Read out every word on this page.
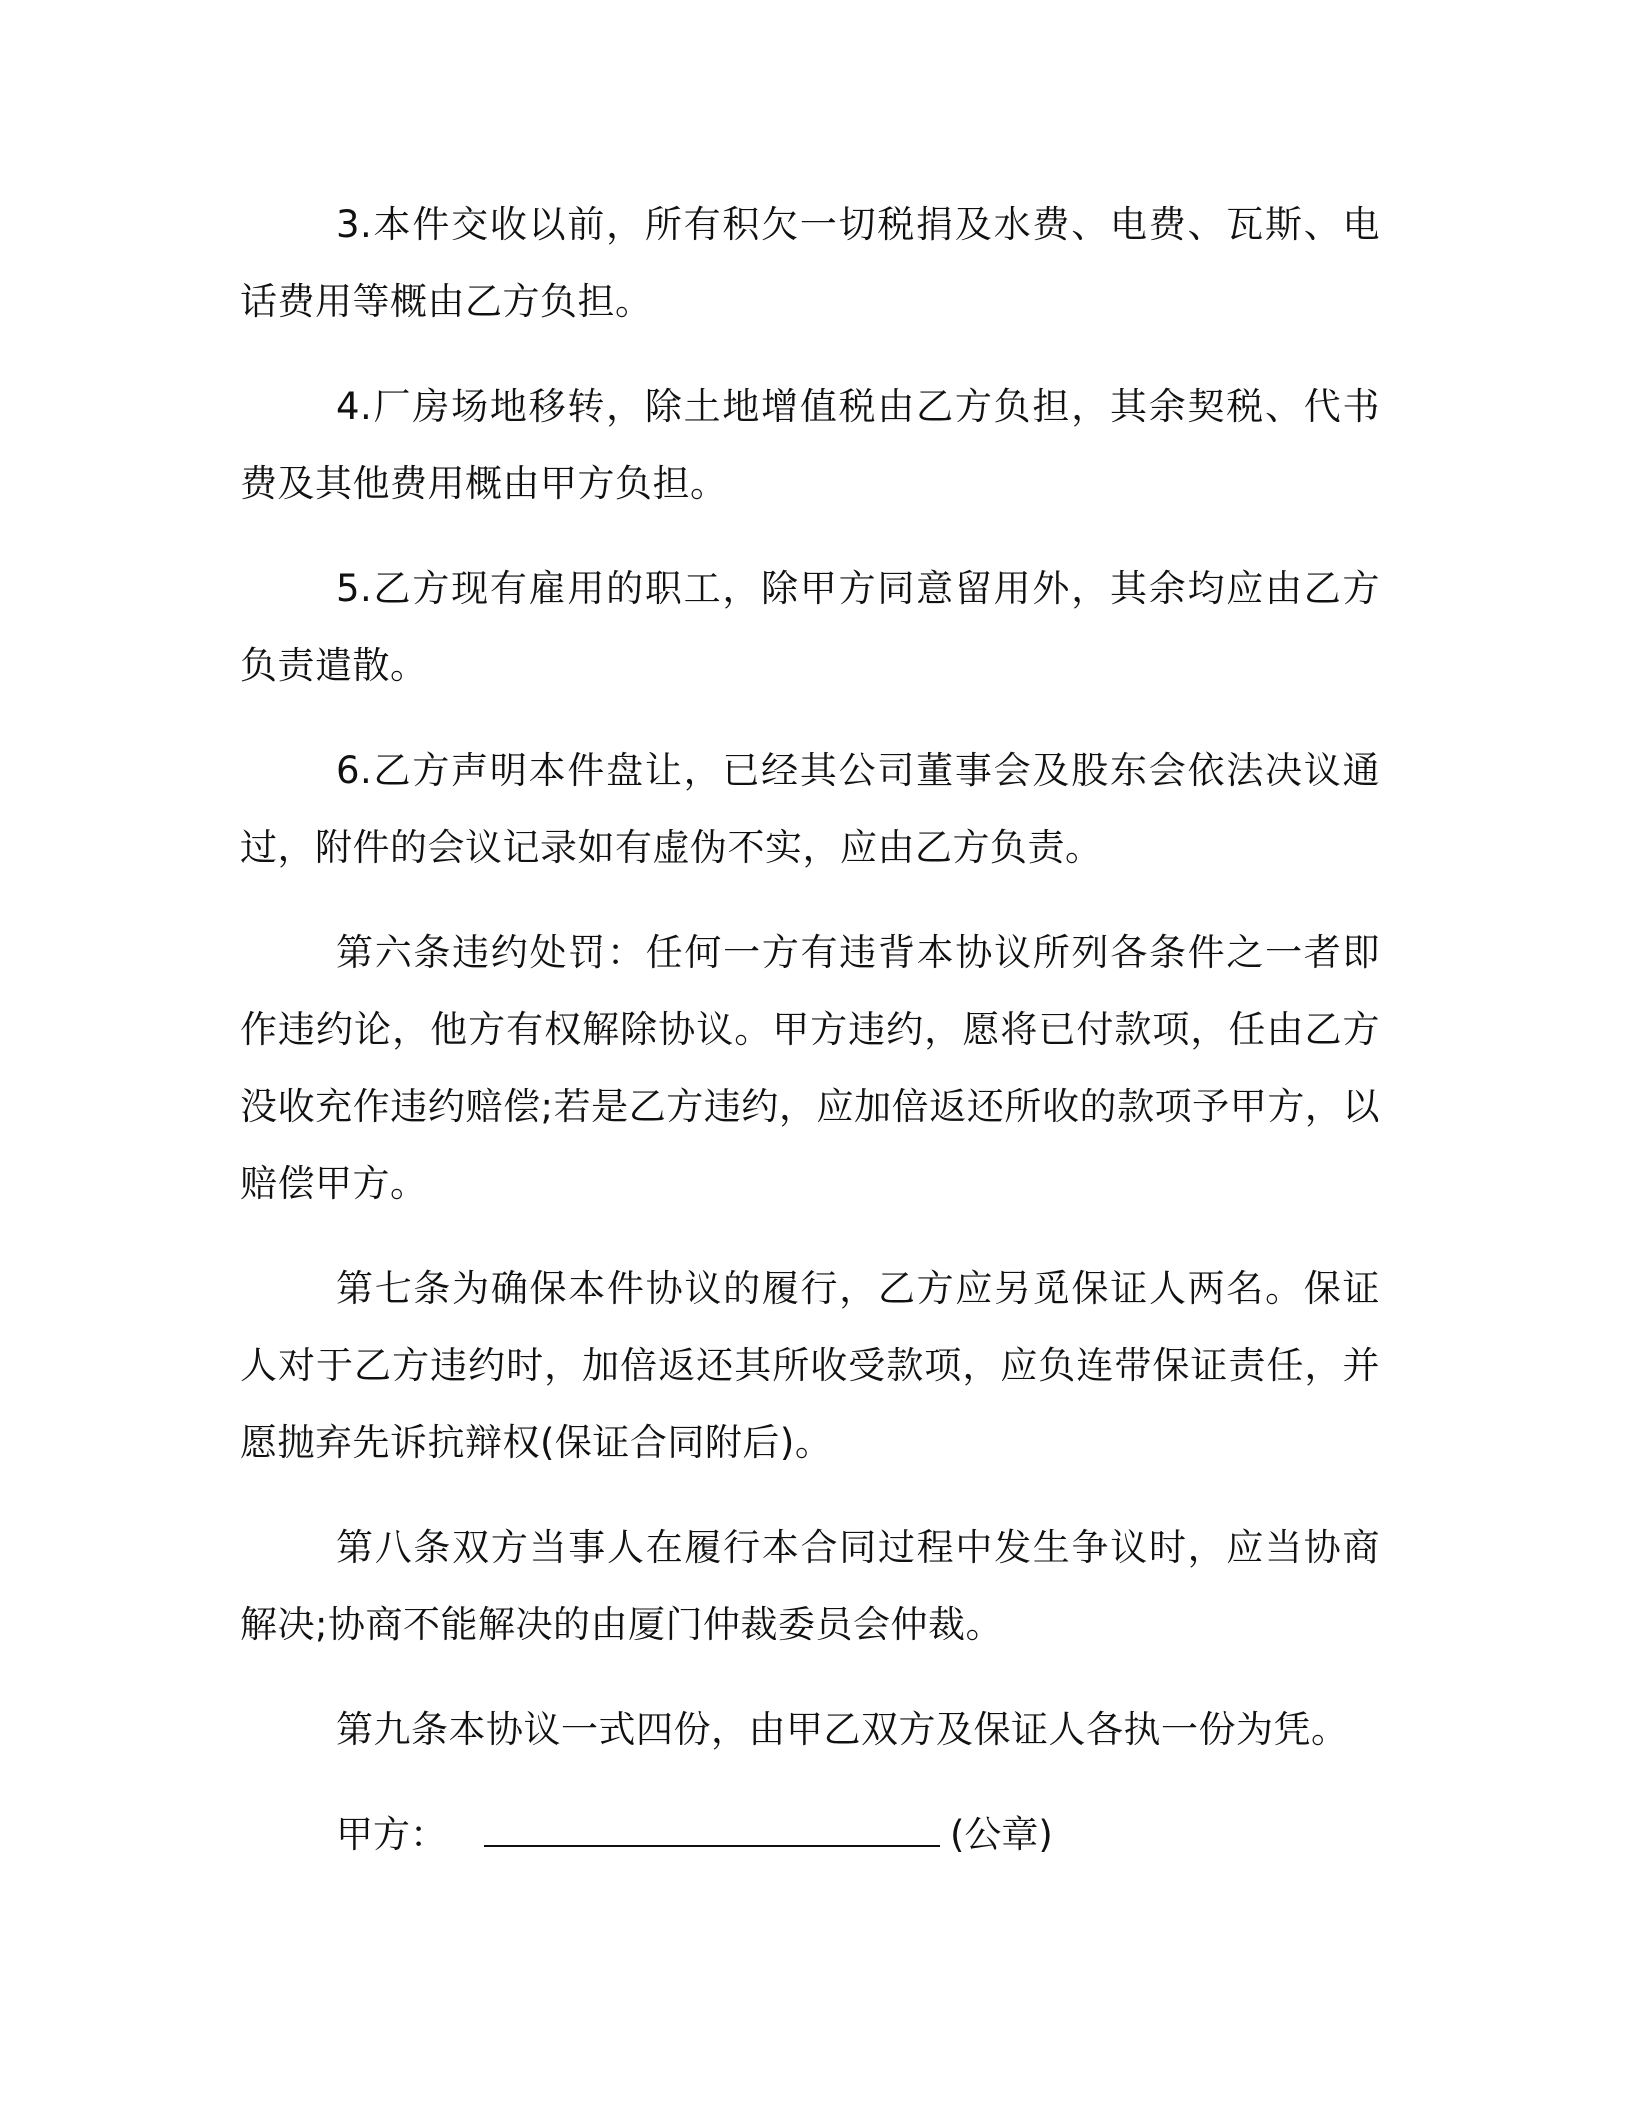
3.本件交收以前，所有积欠一切税捐及水费、电费、瓦斯、电话费用等概由乙方负担。

4.厂房场地移转，除土地增值税由乙方负担，其余契税、代书费及其他费用概由甲方负担。

5.乙方现有雇用的职工，除甲方同意留用外，其余均应由乙方负责遣散。

6.乙方声明本件盘让，已经其公司董事会及股东会依法决议通过，附件的会议记录如有虚伪不实，应由乙方负责。

第六条违约处罚：任何一方有违背本协议所列各条件之一者即作违约论，他方有权解除协议。甲方违约，愿将已付款项，任由乙方没收充作违约赔偿;若是乙方违约，应加倍返还所收的款项予甲方，以赔偿甲方。

第七条为确保本件协议的履行，乙方应另觅保证人两名。保证人对于乙方违约时，加倍返还其所收受款项，应负连带保证责任，并愿抛弃先诉抗辩权(保证合同附后)。

第八条双方当事人在履行本合同过程中发生争议时，应当协商解决;协商不能解决的由厦门仲裁委员会仲裁。

第九条本协议一式四份，由甲乙双方及保证人各执一份为凭。

甲方：	(公章)
